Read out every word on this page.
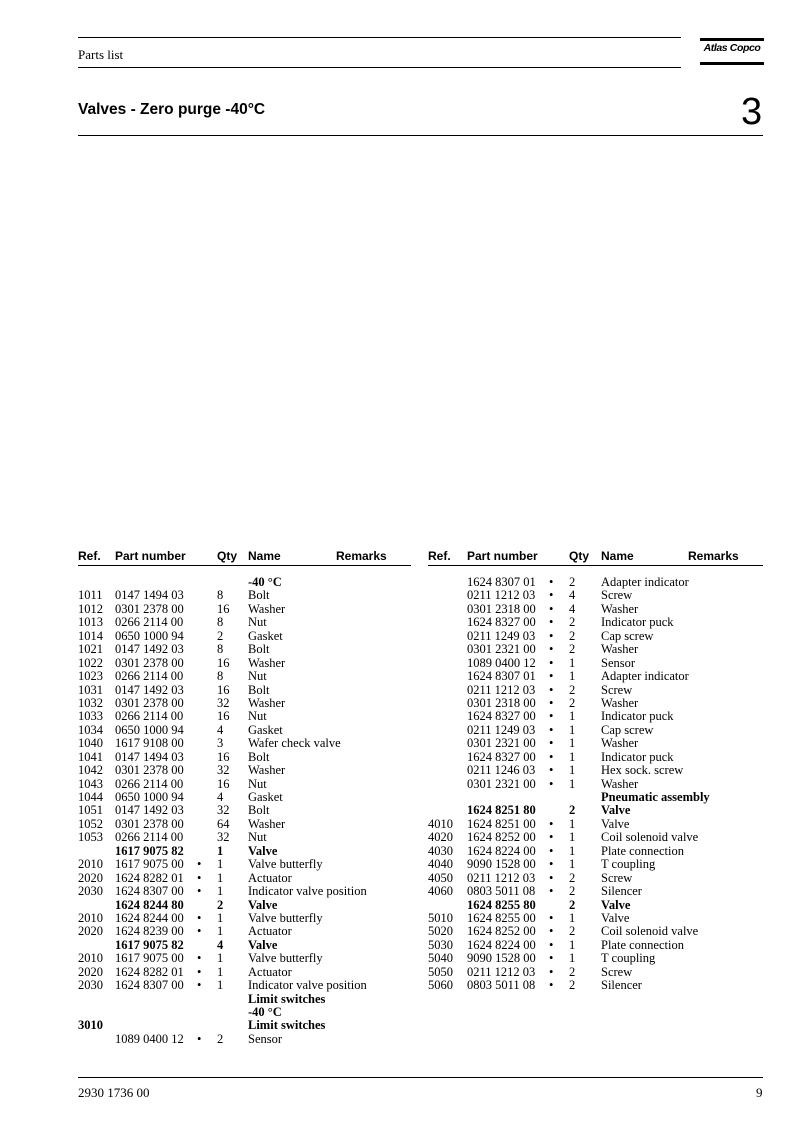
Parts list	Atlas Copco
Valves - Zero purge -40°C	3
Ref. Part number	Qty Name	Remarks
-40 °C
1011 0147 1494 03	8 Bolt
1012 0301 2378 00	16 Washer
1013 0266 2114 00	8 Nut
1014 0650 1000 94	2 Gasket
1021 0147 1492 03	8 Bolt
1022 0301 2378 00	16 Washer
1023 0266 2114 00	8 Nut
1031 0147 1492 03	16 Bolt
1032 0301 2378 00	32 Washer
1033 0266 2114 00	16 Nut
1034 0650 1000 94	4 Gasket
1040 1617 9108 00	3 Wafer check valve
1041 0147 1494 03	16 Bolt
1042 0301 2378 00	32 Washer
1043 0266 2114 00	16 Nut
1044 0650 1000 94	4 Gasket
1051 0147 1492 03	32 Bolt
1052 0301 2378 00	64 Washer
1053 0266 2114 00	32 Nut
1617 9075 82	1 Valve
2010 1617 9075 00 • 1 Valve butterfly
2020 1624 8282 01 • 1 Actuator
2030 1624 8307 00 • 1 Indicator valve position
1624 8244 80	2 Valve
2010 1624 8244 00 • 1 Valve butterfly
2020 1624 8239 00 • 1 Actuator
1617 9075 82	4 Valve
2010 1617 9075 00 • 1 Valve butterfly
2020 1624 8282 01 • 1 Actuator
2030 1624 8307 00 • 1 Indicator valve position
Limit switches
-40 °C
3010	Limit switches
1089 0400 12 • 2 Sensor
Ref. Part number	Qty Name	Remarks
1624 8307 01 • 2 Adapter indicator
0211 1212 03 • 4 Screw
0301 2318 00 • 4 Washer
1624 8327 00 • 2 Indicator puck
0211 1249 03 • 2 Cap screw
0301 2321 00 • 2 Washer
1089 0400 12 • 1 Sensor
1624 8307 01 • 1 Adapter indicator
0211 1212 03 • 2 Screw
0301 2318 00 • 2 Washer
1624 8327 00 • 1 Indicator puck
0211 1249 03 • 1 Cap screw
0301 2321 00 • 1 Washer
1624 8327 00 • 1 Indicator puck
0211 1246 03 • 1 Hex sock. screw
0301 2321 00 • 1 Washer
Pneumatic assembly
1624 8251 80	2 Valve
4010 1624 8251 00 • 1 Valve
4020 1624 8252 00 • 1 Coil solenoid valve
4030 1624 8224 00 • 1 Plate connection
4040 9090 1528 00 • 1 T coupling
4050 0211 1212 03 • 2 Screw
4060 0803 5011 08 • 2 Silencer
1624 8255 80	2 Valve
5010 1624 8255 00 • 1 Valve
5020 1624 8252 00 • 2 Coil solenoid valve
5030 1624 8224 00 • 1 Plate connection
5040 9090 1528 00 • 1 T coupling
5050 0211 1212 03 • 2 Screw
5060 0803 5011 08 • 2 Silencer
2930 1736 00	9
